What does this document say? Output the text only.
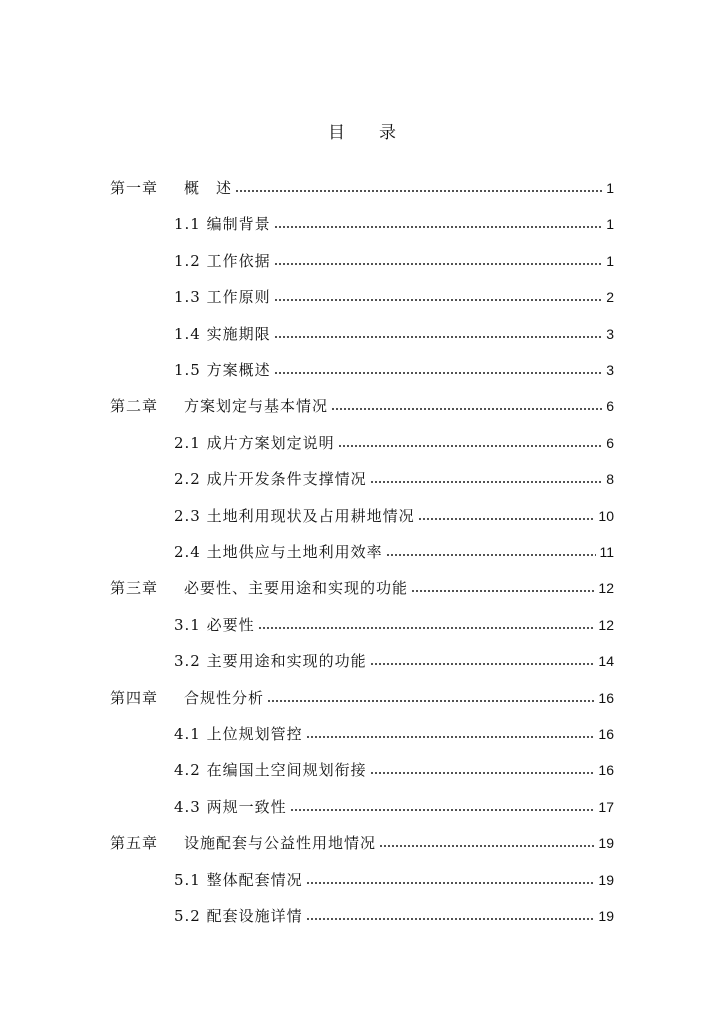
目　　录
第一章 概　述	1
1.1 编制背景	1
1.2 工作依据	1
1.3 工作原则	2
1.4 实施期限	3
1.5 方案概述	3
第二章 方案划定与基本情况	6
2.1 成片方案划定说明	6
2.2 成片开发条件支撑情况	8
2.3 土地利用现状及占用耕地情况	10
2.4 土地供应与土地利用效率	11
第三章 必要性、主要用途和实现的功能	12
3.1 必要性	12
3.2 主要用途和实现的功能	14
第四章 合规性分析	16
4.1 上位规划管控	16
4.2 在编国土空间规划衔接	16
4.3 两规一致性	17
第五章 设施配套与公益性用地情况	19
5.1 整体配套情况	19
5.2 配套设施详情	19
